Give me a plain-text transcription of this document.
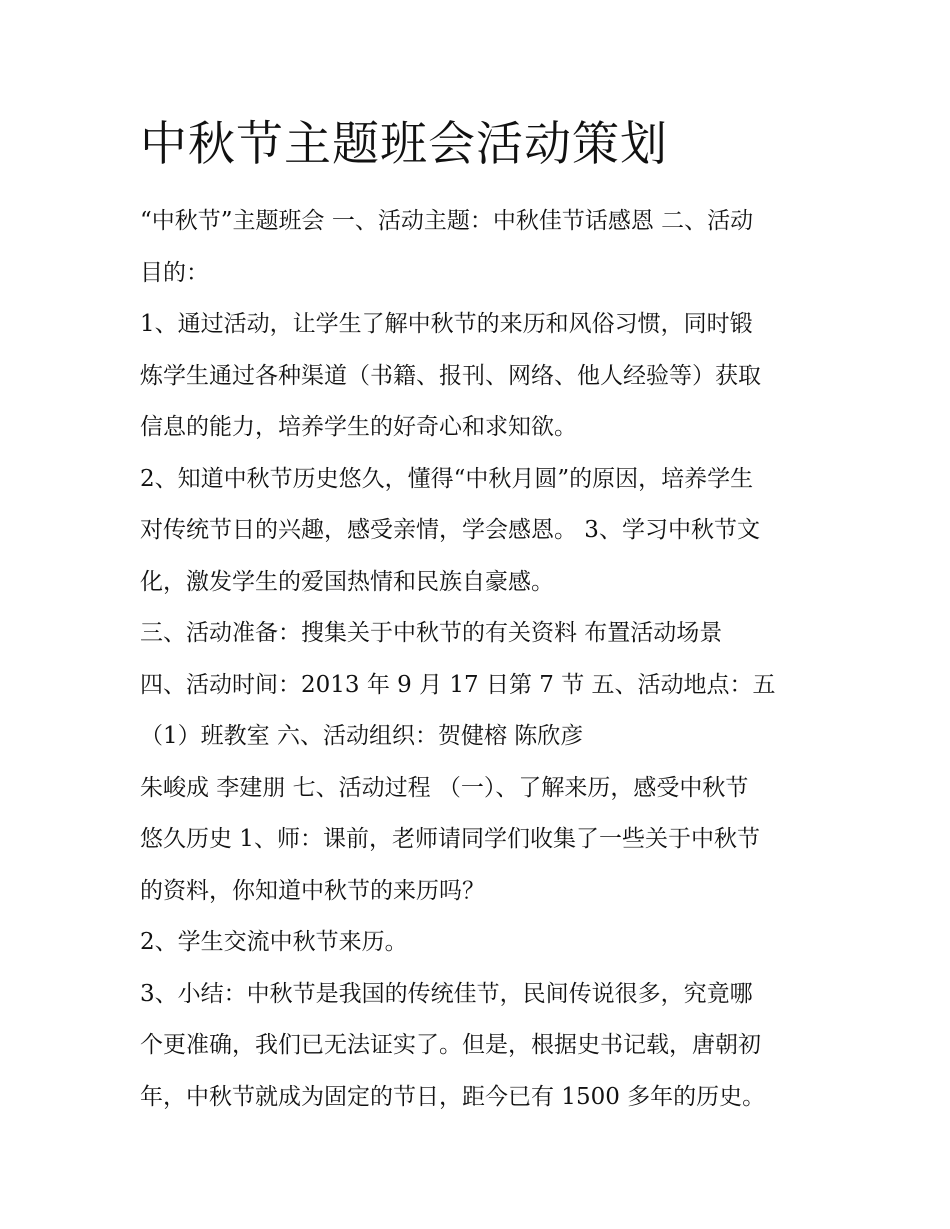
中秋节主题班会活动策划
“中秋节”主题班会 一、活动主题：中秋佳节话感恩 二、活动
目的：
1、通过活动，让学生了解中秋节的来历和风俗习惯，同时锻
炼学生通过各种渠道（书籍、报刊、网络、他人经验等）获取
信息的能力，培养学生的好奇心和求知欲。
2、知道中秋节历史悠久，懂得“中秋月圆”的原因，培养学生
对传统节日的兴趣，感受亲情，学会感恩。 3、学习中秋节文
化，激发学生的爱国热情和民族自豪感。
三、活动准备：搜集关于中秋节的有关资料 布置活动场景
四、活动时间：2013 年 9 月 17 日第 7 节 五、活动地点：五
（1）班教室 六、活动组织：贺健榕 陈欣彦
朱峻成 李建朋 七、活动过程 （一）、了解来历，感受中秋节
悠久历史 1、师：课前，老师请同学们收集了一些关于中秋节
的资料，你知道中秋节的来历吗？
2、学生交流中秋节来历。
3、小结：中秋节是我国的传统佳节，民间传说很多，究竟哪
个更准确，我们已无法证实了。但是，根据史书记载，唐朝初
年，中秋节就成为固定的节日，距今已有 1500 多年的历史。
